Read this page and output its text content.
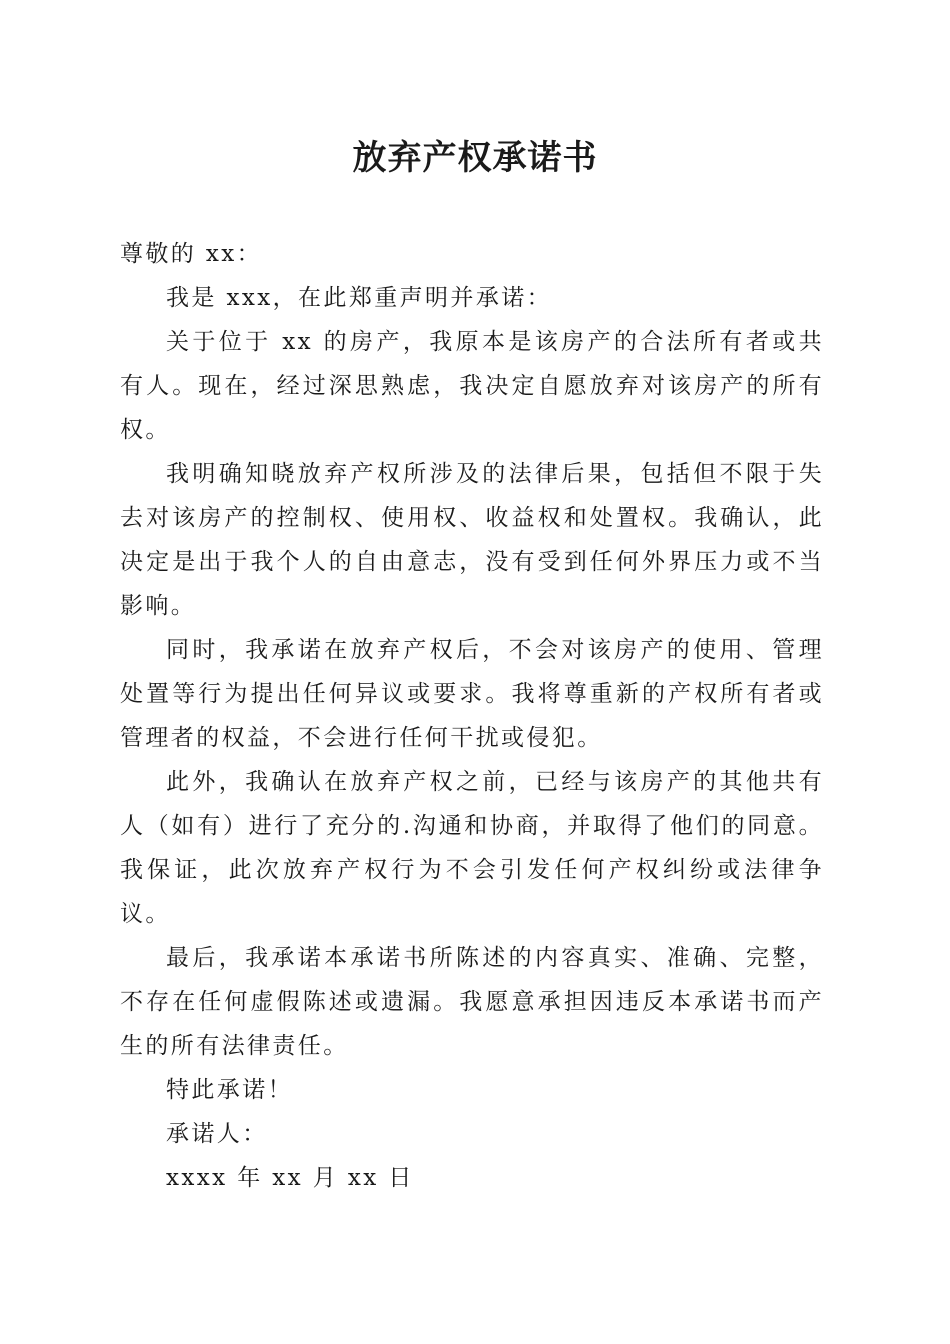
放弃产权承诺书

尊敬的 xx：

我是 xxx，在此郑重声明并承诺：

关于位于 xx 的房产，我原本是该房产的合法所有者或共有人。现在，经过深思熟虑，我决定自愿放弃对该房产的所有权。

我明确知晓放弃产权所涉及的法律后果，包括但不限于失去对该房产的控制权、使用权、收益权和处置权。我确认，此决定是出于我个人的自由意志，没有受到任何外界压力或不当影响。

同时，我承诺在放弃产权后，不会对该房产的使用、管理处置等行为提出任何异议或要求。我将尊重新的产权所有者或管理者的权益，不会进行任何干扰或侵犯。

此外，我确认在放弃产权之前，已经与该房产的其他共有人（如有）进行了充分的.沟通和协商，并取得了他们的同意。我保证，此次放弃产权行为不会引发任何产权纠纷或法律争议。

最后，我承诺本承诺书所陈述的内容真实、准确、完整，不存在任何虚假陈述或遗漏。我愿意承担因违反本承诺书而产生的所有法律责任。

特此承诺！

承诺人：

xxxx 年 xx 月 xx 日
